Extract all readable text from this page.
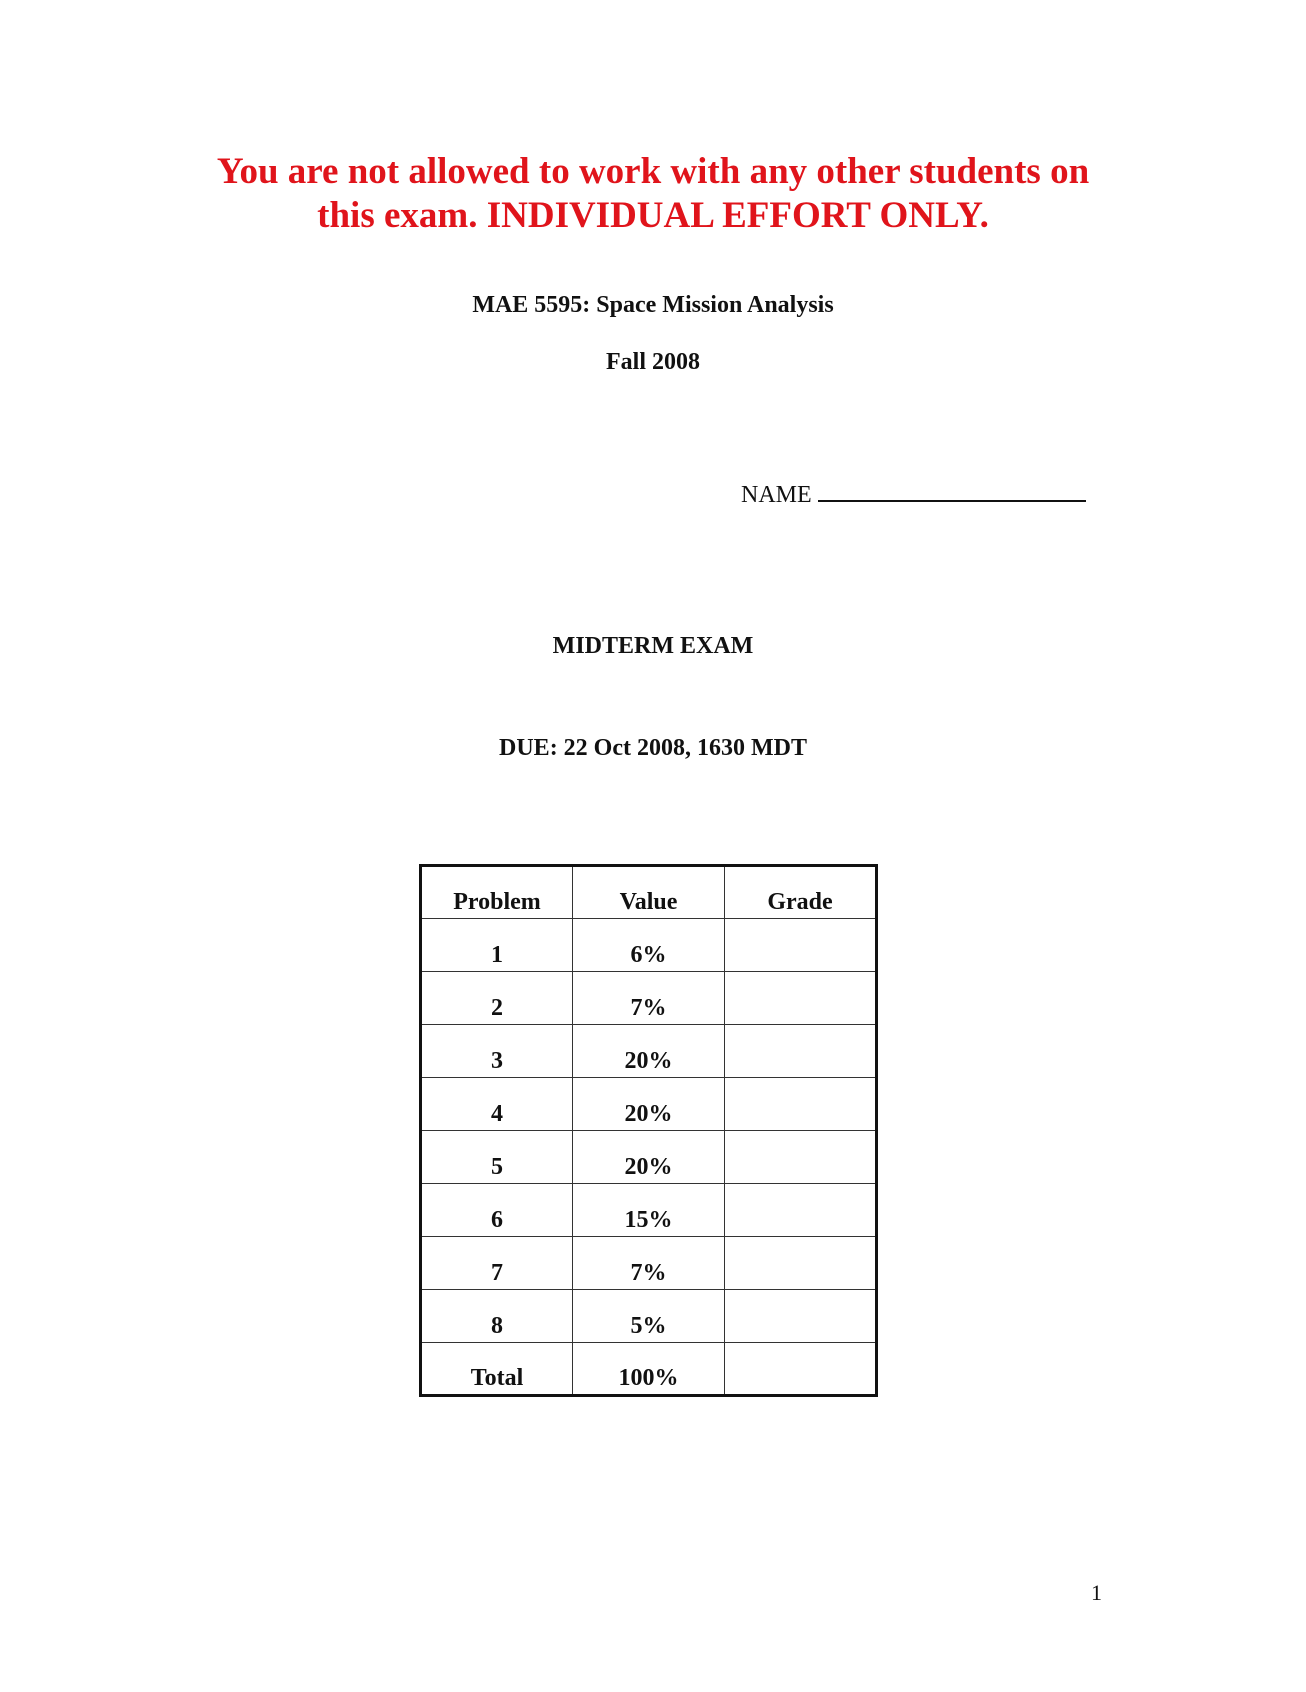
You are not allowed to work with any other students on
this exam. INDIVIDUAL EFFORT ONLY.
MAE 5595: Space Mission Analysis
Fall 2008
NAME
MIDTERM EXAM
DUE: 22 Oct 2008, 1630 MDT
Problem	Value	Grade
1	6%	
2	7%	
3	20%	
4	20%	
5	20%	
6	15%	
7	7%	
8	5%	
Total	100%	
1
